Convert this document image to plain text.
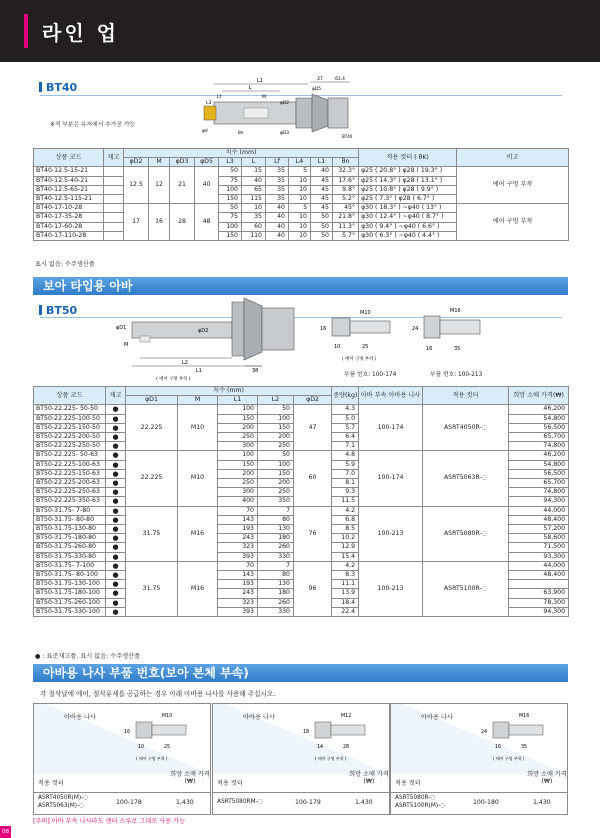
라인 업
BT40	L1
L
27	63.4
Lf
L3
M
φD2
φD3
φD5
φd	θn
BT40
※적 부분은 유저에서 추가공 가능
상품 코드	재고	치수 (mm)										적용 컷터 ( θK)	비고
		φD2	M	φD3	φD5	L3	L	Lf	L4	L1	θn		
BT40-12.5-15-21		12.5	12	21	40	50	15	35	5	40	32.3°	φ25 ( 20.8° ) φ28 ( 19.3° )	에어 구멍 부착
BT40-12.5-40-21						75	40	35	10	45	17.6°	φ25 ( 14.3° ) φ28 ( 13.1° )	
BT40-12.5-65-21						100	65	35	10	45	9.8°	φ25 ( 10.8° ) φ28 ( 9.9° )	
BT40-12.5-115-21						150	115	35	10	45	5.2°	φ25 ( 7.3° ) φ28 ( 6.7° )	
BT40-17-10-28		17	16	28	48	50	10	40	5	45	45°	φ30 ( 18.3° ) ~φ40 ( 13° )	에어 구멍 부착
BT40-17-35-28						75	35	40	10	50	21.8°	φ30 ( 12.4° ) ~φ40 ( 8.7° )	
BT40-17-60-28						100	60	40	10	50	11.3°	φ30 ( 9.4° ) ~φ40 ( 6.6° )	
BT40-17-110-28						150	110	40	10	50	5.7°	φ30 ( 6.3° ) ~φ40 ( 4.4° )	
표시 없음: 수주생산품
보아 타입용 아바
BT50
φD1	φD2
M
L2
L1	38
( 에어 구멍 부착 )
M10
16
10	25
( 에어 구멍 부착 )
M16
24
16	35
부품 번호: 100-174	부품 번호: 100-213
상품 코드	재고	치수 (mm)					중량(kg)	아바 부속 아바용 나사	적용 컷터	희망 소매 가격(₩)
		φD1	M	L1	L2	φD2				
BT50-22.225- 50-50	●	22.225	M10	100	50	47	4.3	100-174	ASRT4050R-◌	46,200
BT50-22.225-100-50	●			150	100		5.0			54,800
BT50-22.225-150-50	●			200	150		5.7			56,500
BT50-22.225-200-50	●			250	200		6.4			65,700
BT50-22.225-250-50	●			300	250		7.1			74,800
BT50-22.225- 50-63	●	22.225	M10	100	50	60	4.8	100-174	ASRT5063R-◌	46,200
BT50-22.225-100-63	●			150	100		5.9			54,800
BT50-22.225-150-63	●			200	150		7.0			56,500
BT50-22.225-200-63	●			250	200		8.1			65,700
BT50-22.225-250-63	●			300	250		9.3			74,800
BT50-22.225-350-63	●			400	350		11.5			94,300
BT50-31.75- 7-80	●	31.75	M16	70	7	76	4.2	100-213	ASRT5080R-◌	44,000
BT50-31.75- 80-80	●			143	80		6.8			48,400
BT50-31.75-130-80	●			193	130		8.5			57,200
BT50-31.75-180-80	●			243	180		10.2			58,600
BT50-31.75-260-80	●			323	260		12.9			71,500
BT50-31.75-330-80	●			393	330		15.4			93,300
BT50-31.75- 7-100	●	31.75	M16	70	7	96	4.2	100-213	ASRT5100R-◌	44,000
BT50-31.75- 80-100	●			143	80		8.3			48,400
BT50-31.75-130-100	●			193	130		11.1			
BT50-31.75-180-100	●			243	180		13.9			63,900
BT50-31.75-260-100	●			323	260		18.4			78,300
BT50-31.75-330-100	●			393	330		22.4			94,300
● : 표준재고품. 표시 없음: 수주생산품
아바용 나사 부품 번호(보아 본체 부속)
각 절삭날에 에어, 절삭유제를 공급하는 경우 아래 아바용 나사를 사용해 주십시오.
아바용 나사	M10
16
10	25
( 에어 구멍 부착 )
적용 컷터
희망 소매 가격(₩)
ASRT4050R(M)-◌
ASRT5063(M)-◌	100-178	1,430
아바용 나사	M12
18
14	28
( 에어 구멍 부착 )
적용 컷터
희망 소매 가격(₩)
ASRT5080RM-◌	100-179	1,430
아바용 나사	M16
24
16	35
( 에어 구멍 부착 )
적용 컷터
희망 소매 가격(₩)
ASRT5080R-◌
ASRT5100R(M)-◌	100-180	1,430
[주의] 아바 부속 나사라도 센터 스루로 그대로 사용 가능
08
